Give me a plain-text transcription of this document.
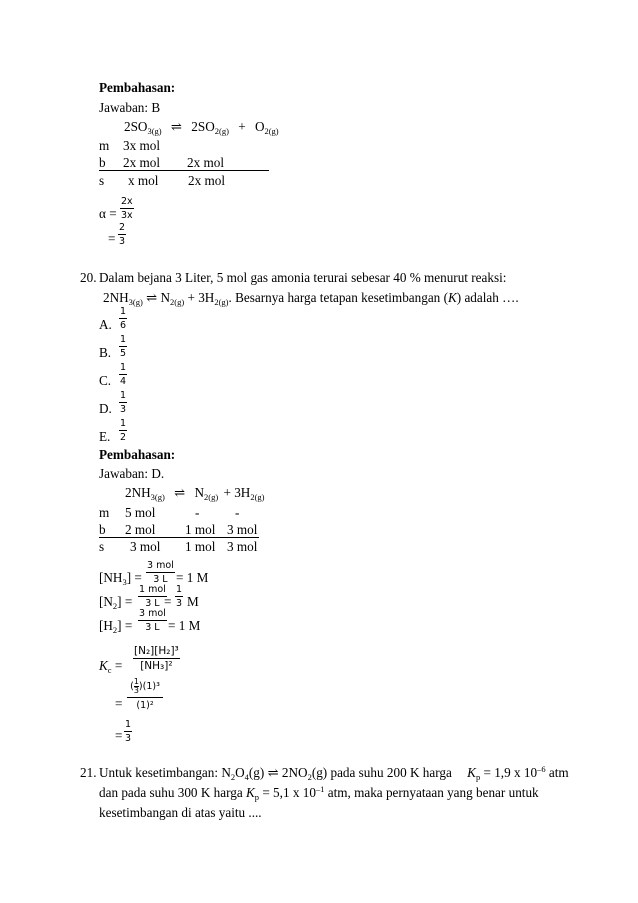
Pembahasan:
Jawaban: B
$2SO_{3(g)}$ ⇌ $2SO_{2(g)} + O_{2(g)}$
m 3x mol
b 2x mol 2x mol
s x mol 2x mol
$\alpha = \frac{2x}{3x}$
= $\frac{2}{3}$
20. Dalam bejana 3 Liter, 5 mol gas amonia terurai sebesar 40 % menurut reaksi:
$2NH_{3(g)}$ ⇌ $N_{2(g)} + 3H_{2(g)}$. Besarnya harga tetapan kesetimbangan (K) adalah ….
A. $\frac{1}{6}$
B. $\frac{1}{5}$
C. $\frac{1}{4}$
D. $\frac{1}{3}$
E. $\frac{1}{2}$
Pembahasan:
Jawaban: D.
$2NH_{3(g)}$ ⇌ $N_{2(g)} + 3H_{2(g)}$
m 5 mol	-	-
b 2 mol 1 mol 3 mol
s 3 mol 1 mol 3 mol
$[NH_3]$ =
3 mol
3 L = 1 M
$[N_2]$ =
1 mol
3 $L = \frac{1}{3}$ M
$[H_2]$ =
3 mol
3 L = 1 M
$K_c = \frac{\text{[N₂][H₂]³}}{\text{[NH₃]²}}$
=
( $\frac{1}{3} )(1)^3$
(1)²
= $\frac{1}{3}$
21. Untuk kesetimbangan: $N_2O_4(g)$ ⇌ $2NO_2(g)$ pada suhu 200 K harga $K_p = 1,9$ x $10^{-6}$ atm
dan pada suhu 300 K harga $K_p = 5,1$ x $10^{-1}$ atm, maka pernyataan yang benar untuk
kesetimbangan di atas yaitu ....
